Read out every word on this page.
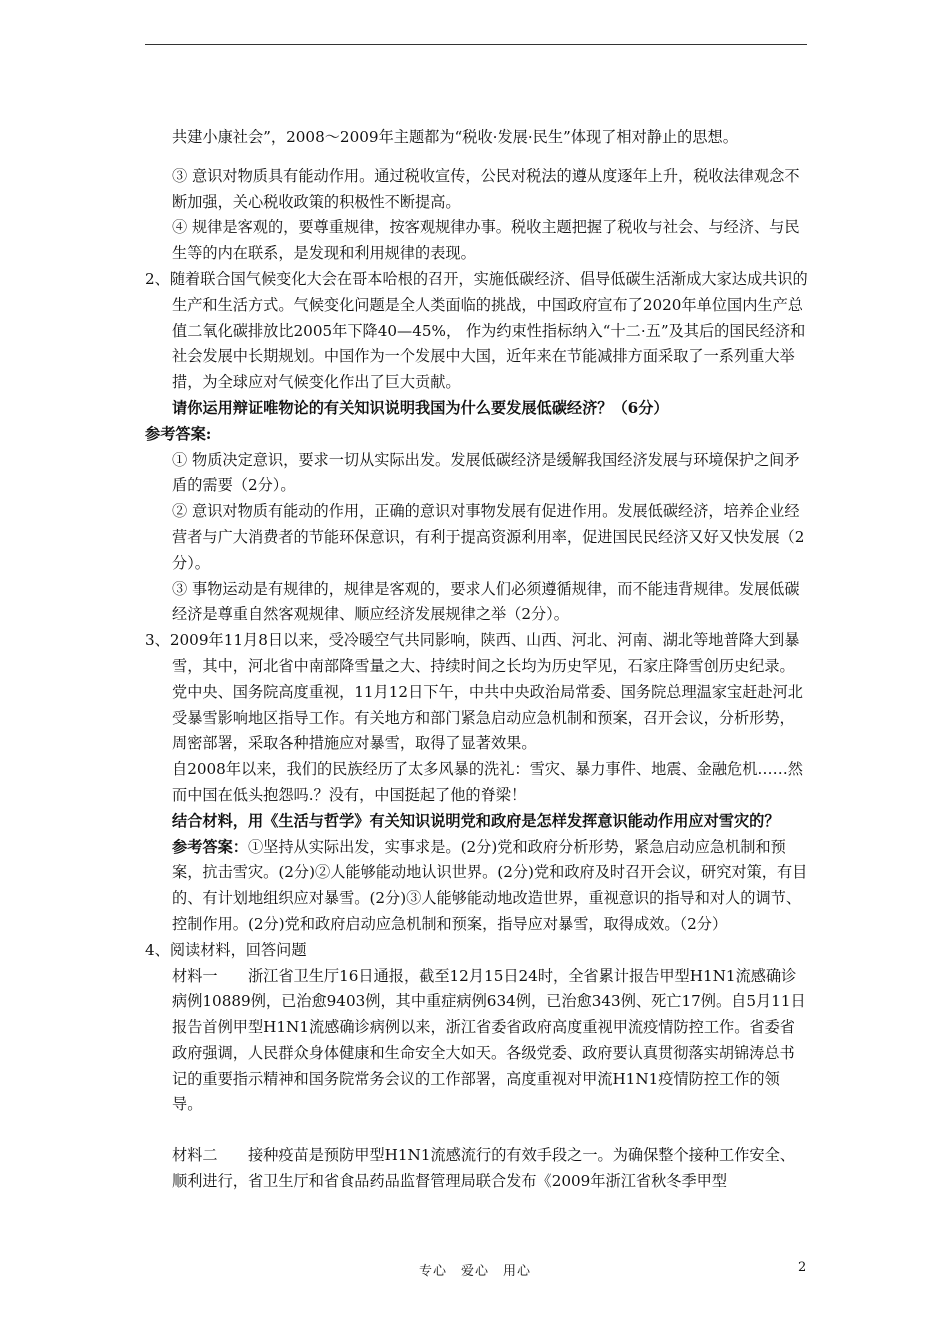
共建小康社会”，2008～2009年主题都为“税收·发展·民生”体现了相对静止的思想。

③ 意识对物质具有能动作用。通过税收宣传，公民对税法的遵从度逐年上升，税收法律观念不断加强，关心税收政策的积极性不断提高。

④ 规律是客观的，要尊重规律，按客观规律办事。税收主题把握了税收与社会、与经济、与民生等的内在联系，是发现和利用规律的表现。

2、随着联合国气候变化大会在哥本哈根的召开，实施低碳经济、倡导低碳生活渐成大家达成共识的生产和生活方式。气候变化问题是全人类面临的挑战，中国政府宣布了2020年单位国内生产总值二氧化碳排放比2005年下降40—45%， 作为约束性指标纳入“十二·五”及其后的国民经济和社会发展中长期规划。中国作为一个发展中大国，近年来在节能减排方面采取了一系列重大举措，为全球应对气候变化作出了巨大贡献。

请你运用辩证唯物论的有关知识说明我国为什么要发展低碳经济？（6分）

参考答案:

① 物质决定意识，要求一切从实际出发。发展低碳经济是缓解我国经济发展与环境保护之间矛盾的需要（2分）。

② 意识对物质有能动的作用，正确的意识对事物发展有促进作用。发展低碳经济，培养企业经营者与广大消费者的节能环保意识，有利于提高资源利用率，促进国民民经济又好又快发展（2分）。

③ 事物运动是有规律的，规律是客观的，要求人们必须遵循规律，而不能违背规律。发展低碳经济是尊重自然客观规律、顺应经济发展规律之举（2分）。

3、2009年11月8日以来，受冷暖空气共同影响，陕西、山西、河北、河南、湖北等地普降大到暴雪，其中，河北省中南部降雪量之大、持续时间之长均为历史罕见，石家庄降雪创历史纪录。党中央、国务院高度重视，11月12日下午，中共中央政治局常委、国务院总理温家宝赶赴河北受暴雪影响地区指导工作。有关地方和部门紧急启动应急机制和预案，召开会议，分析形势，周密部署，采取各种措施应对暴雪，取得了显著效果。

自2008年以来，我们的民族经历了太多风暴的洗礼：雪灾、暴力事件、地震、金融危机……然而中国在低头抱怨吗.？没有，中国挺起了他的脊梁！

结合材料，用《生活与哲学》有关知识说明党和政府是怎样发挥意识能动作用应对雪灾的？

参考答案：①坚持从实际出发，实事求是。(2分)党和政府分析形势，紧急启动应急机制和预案，抗击雪灾。(2分)②人能够能动地认识世界。(2分)党和政府及时召开会议，研究对策，有目的、有计划地组织应对暴雪。(2分)③人能够能动地改造世界，重视意识的指导和对人的调节、控制作用。(2分)党和政府启动应急机制和预案，指导应对暴雪，取得成效。（2分）

4、阅读材料，回答问题

材料一　　浙江省卫生厅16日通报，截至12月15日24时，全省累计报告甲型H1N1流感确诊病例10889例，已治愈9403例，其中重症病例634例，已治愈343例、死亡17例。自5月11日报告首例甲型H1N1流感确诊病例以来，浙江省委省政府高度重视甲流疫情防控工作。省委省政府强调，人民群众身体健康和生命安全大如天。各级党委、政府要认真贯彻落实胡锦涛总书记的重要指示精神和国务院常务会议的工作部署，高度重视对甲流H1N1疫情防控工作的领导。

材料二　　接种疫苗是预防甲型H1N1流感流行的有效手段之一。为确保整个接种工作安全、顺利进行，省卫生厅和省食品药品监督管理局联合发布《2009年浙江省秋冬季甲型

专心　爱心　用心	2
